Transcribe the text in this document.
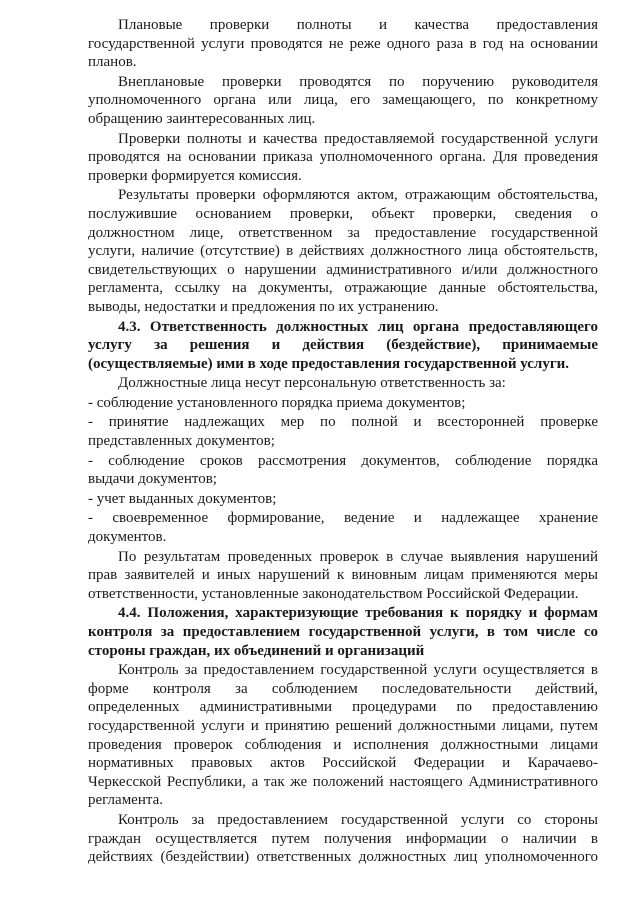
Плановые проверки полноты и качества предоставления
государственной услуги проводятся не реже одного раза в год на основании
планов.
Внеплановые проверки проводятся по поручению руководителя
уполномоченного органа или лица, его замещающего, по конкретному
обращению заинтересованных лиц.
Проверки полноты и качества предоставляемой государственной услуги
проводятся на основании приказа уполномоченного органа. Для проведения
проверки формируется комиссия.
Результаты проверки оформляются актом, отражающим обстоятельства,
послужившие основанием проверки, объект проверки, сведения о
должностном лице, ответственном за предоставление государственной
услуги, наличие (отсутствие) в действиях должностного лица обстоятельств,
свидетельствующих о нарушении административного и/или должностного
регламента, ссылку на документы, отражающие данные обстоятельства,
выводы, недостатки и предложения по их устранению.
4.3. Ответственность должностных лиц органа предоставляющего
услугу за решения и действия (бездействие), принимаемые
(осуществляемые) ими в ходе предоставления государственной услуги.
Должностные лица несут персональную ответственность за:
- соблюдение установленного порядка приема документов;
- принятие надлежащих мер по полной и всесторонней проверке
представленных документов;
- соблюдение сроков рассмотрения документов, соблюдение порядка
выдачи документов;
- учет выданных документов;
- своевременное формирование, ведение и надлежащее хранение
документов.
По результатам проведенных проверок в случае выявления нарушений
прав заявителей и иных нарушений к виновным лицам применяются меры
ответственности, установленные законодательством Российской Федерации.
4.4. Положения, характеризующие требования к порядку и формам
контроля за предоставлением государственной услуги, в том числе со
стороны граждан, их объединений и организаций
Контроль за предоставлением государственной услуги осуществляется в
форме контроля за соблюдением последовательности действий,
определенных административными процедурами по предоставлению
государственной услуги и принятию решений должностными лицами, путем
проведения проверок соблюдения и исполнения должностными лицами
нормативных правовых актов Российской Федерации и Карачаево-
Черкесской Республики, а так же положений настоящего Административного
регламента.
Контроль за предоставлением государственной услуги со стороны
граждан осуществляется путем получения информации о наличии в
действиях (бездействии) ответственных должностных лиц уполномоченного
